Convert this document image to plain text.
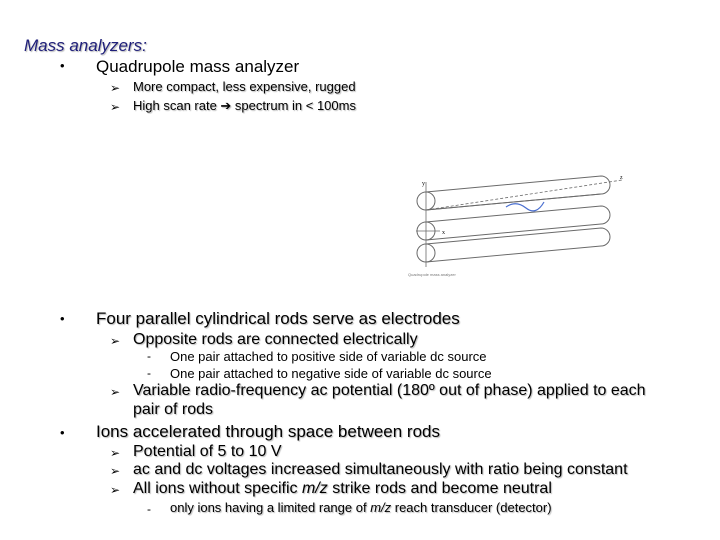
Mass analyzers:
• Quadrupole mass analyzer
➢ More compact, less expensive, rugged
➢ High scan rate ➔ spectrum in < 100ms
y
x
z
Quadrupole mass analyzer
• Four parallel cylindrical rods serve as electrodes
➢ Opposite rods are connected electrically
- One pair attached to positive side of variable dc source
- One pair attached to negative side of variable dc source
➢ Variable radio-frequency ac potential (180º out of phase) applied to each
pair of rods
• Ions accelerated through space between rods
➢ Potential of 5 to 10 V
➢ ac and dc voltages increased simultaneously with ratio being constant
➢ All ions without specific m/z strike rods and become neutral
- only ions having a limited range of m/z reach transducer (detector)
